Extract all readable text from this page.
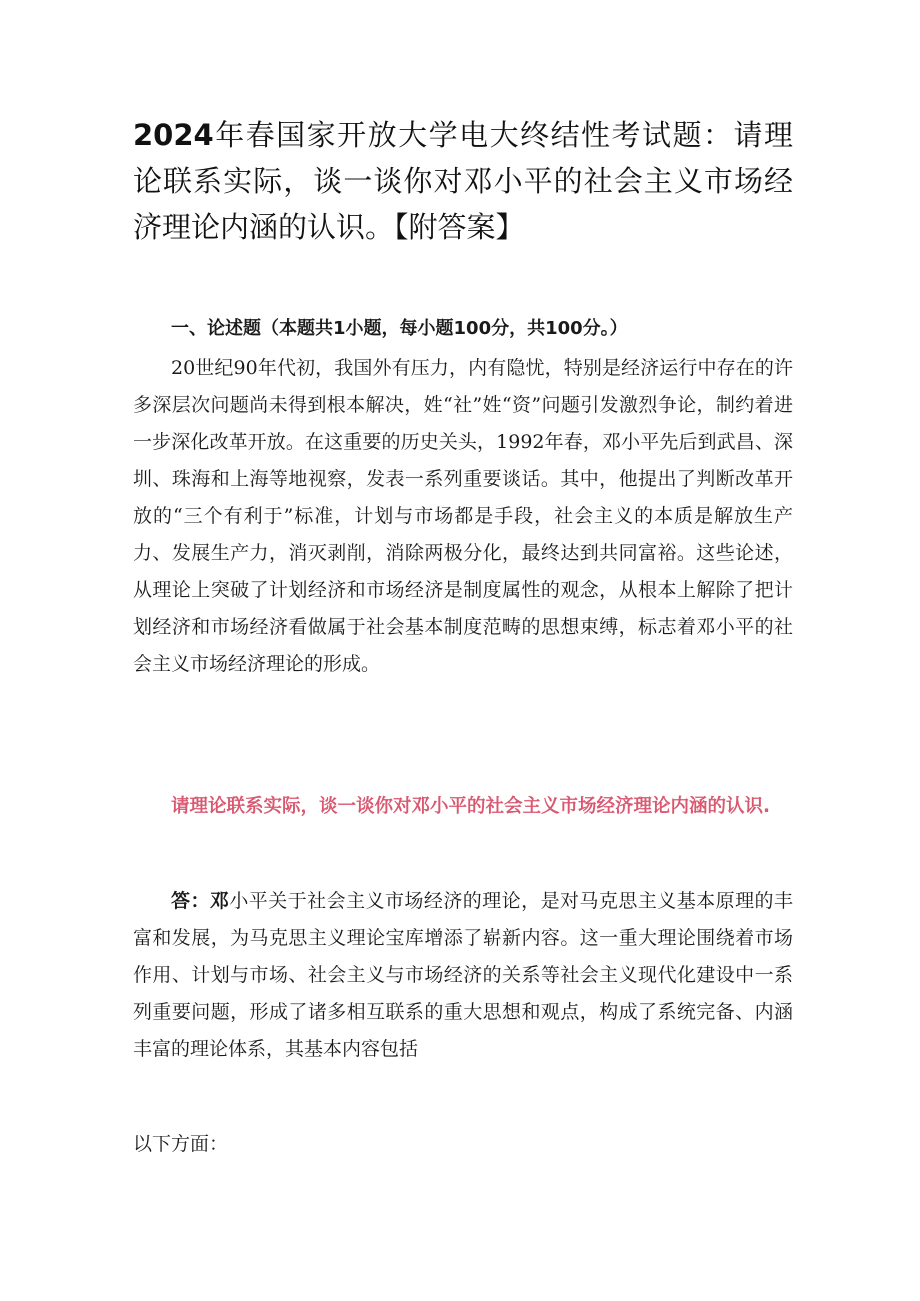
2024年春国家开放大学电大终结性考试题：请理论联系实际，谈一谈你对邓小平的社会主义市场经济理论内涵的认识。【附答案】

一、论述题（本题共1小题，每小题100分，共100分。）

20世纪90年代初，我国外有压力，内有隐忧，特别是经济运行中存在的许多深层次问题尚未得到根本解决，姓“社”姓“资”问题引发激烈争论，制约着进一步深化改革开放。在这重要的历史关头，1992年春，邓小平先后到武昌、深圳、珠海和上海等地视察，发表一系列重要谈话。其中，他提出了判断改革开放的“三个有利于”标准，计划与市场都是手段，社会主义的本质是解放生产力、发展生产力，消灭剥削，消除两极分化，最终达到共同富裕。这些论述，从理论上突破了计划经济和市场经济是制度属性的观念，从根本上解除了把计划经济和市场经济看做属于社会基本制度范畴的思想束缚，标志着邓小平的社会主义市场经济理论的形成。

请理论联系实际，谈一谈你对邓小平的社会主义市场经济理论内涵的认识.

答：邓小平关于社会主义市场经济的理论，是对马克思主义基本原理的丰富和发展，为马克思主义理论宝库增添了崭新内容。这一重大理论围绕着市场作用、计划与市场、社会主义与市场经济的关系等社会主义现代化建设中一系列重要问题，形成了诸多相互联系的重大思想和观点，构成了系统完备、内涵丰富的理论体系，其基本内容包括

以下方面：
